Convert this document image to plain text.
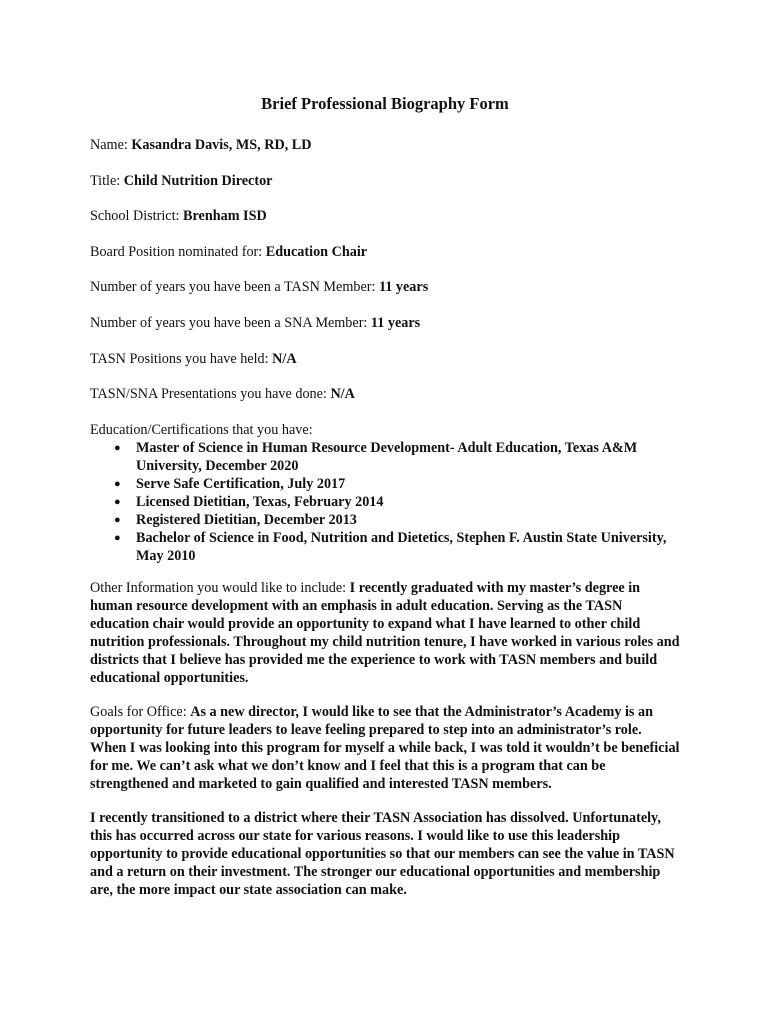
Brief Professional Biography Form
Name: Kasandra Davis, MS, RD, LD
Title: Child Nutrition Director
School District: Brenham ISD
Board Position nominated for: Education Chair
Number of years you have been a TASN Member: 11 years
Number of years you have been a SNA Member: 11 years
TASN Positions you have held: N/A
TASN/SNA Presentations you have done: N/A
Education/Certifications that you have:
● Master of Science in Human Resource Development- Adult Education, Texas A&M University, December 2020
● Serve Safe Certification, July 2017
● Licensed Dietitian, Texas, February 2014
● Registered Dietitian, December 2013
● Bachelor of Science in Food, Nutrition and Dietetics, Stephen F. Austin State University, May 2010
Other Information you would like to include: I recently graduated with my master’s degree in human resource development with an emphasis in adult education. Serving as the TASN education chair would provide an opportunity to expand what I have learned to other child nutrition professionals. Throughout my child nutrition tenure, I have worked in various roles and districts that I believe has provided me the experience to work with TASN members and build educational opportunities.
Goals for Office: As a new director, I would like to see that the Administrator’s Academy is an opportunity for future leaders to leave feeling prepared to step into an administrator’s role. When I was looking into this program for myself a while back, I was told it wouldn’t be beneficial for me. We can’t ask what we don’t know and I feel that this is a program that can be strengthened and marketed to gain qualified and interested TASN members.
I recently transitioned to a district where their TASN Association has dissolved. Unfortunately, this has occurred across our state for various reasons. I would like to use this leadership opportunity to provide educational opportunities so that our members can see the value in TASN and a return on their investment. The stronger our educational opportunities and membership are, the more impact our state association can make.
